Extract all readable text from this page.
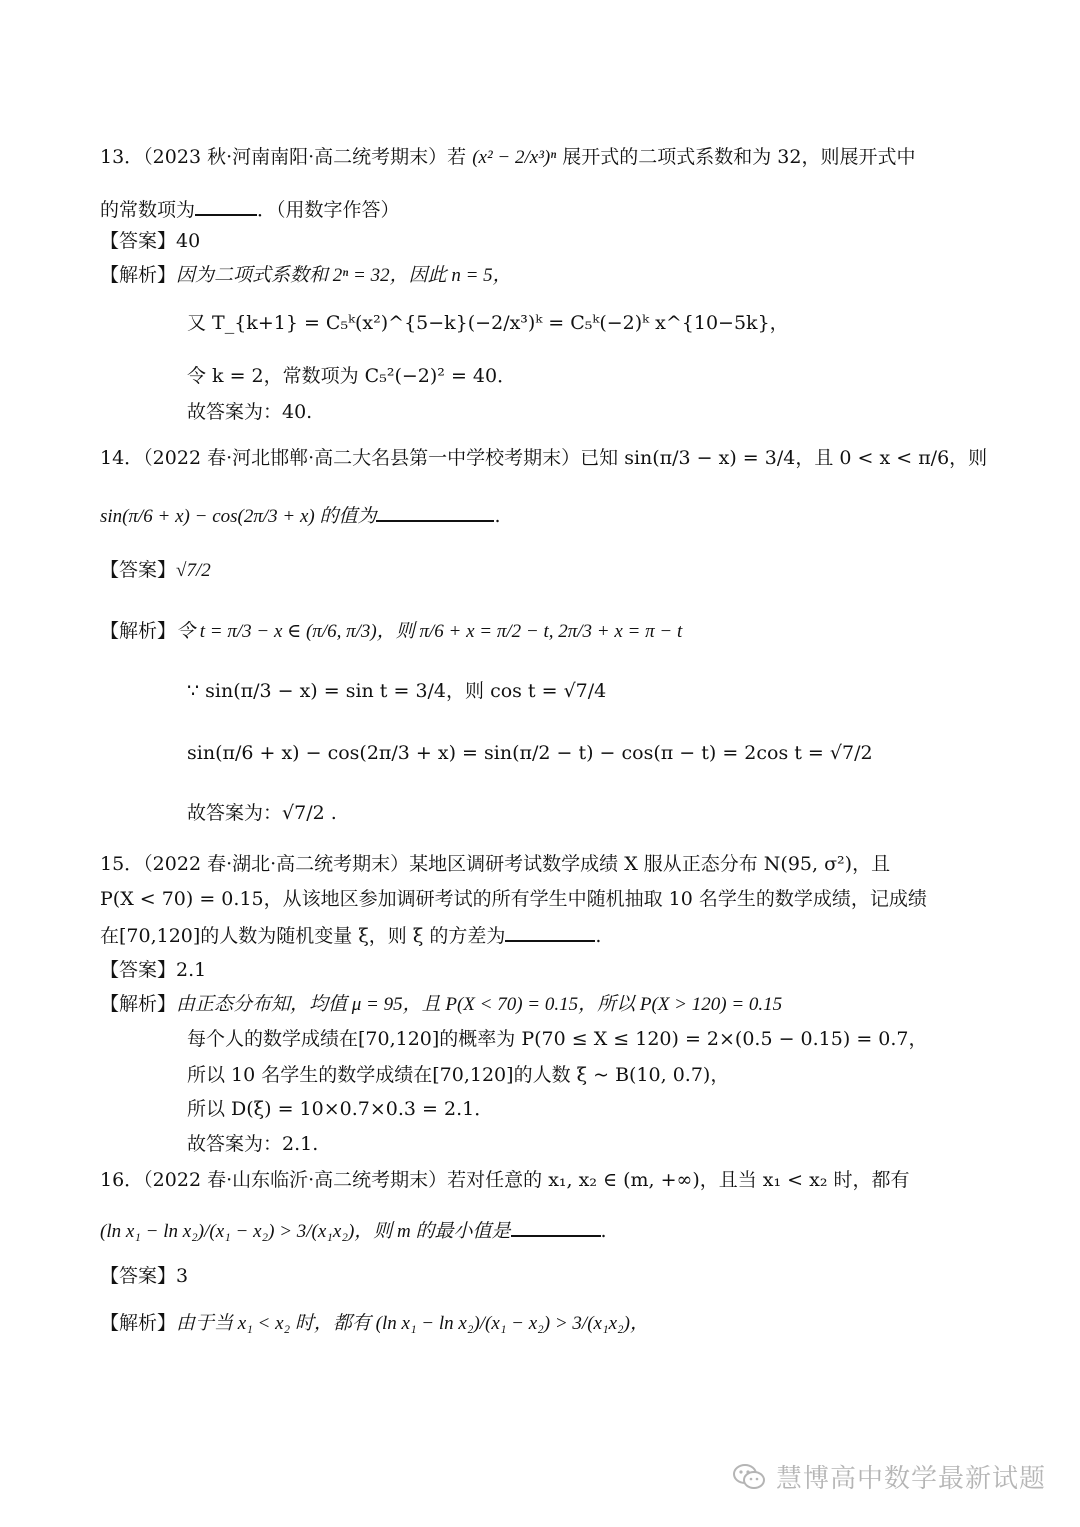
13．（2023 秋·河南南阳·高二统考期末）若 (x² − 2/x³)ⁿ 展开式的二项式系数和为 32，则展开式中
的常数项为	．（用数字作答）
【答案】40
【解析】因为二项式系数和 2ⁿ = 32，因此 n = 5，
又 T_{k+1} = C₅ᵏ(x²)^{5−k}(−2/x³)ᵏ = C₅ᵏ(−2)ᵏ x^{10−5k}，
令 k = 2，常数项为 C₅²(−2)² = 40．
故答案为：40.
14．（2022 春·河北邯郸·高二大名县第一中学校考期末）已知 sin(π/3 − x) = 3/4，且 0 < x < π/6，则
sin(π/6 + x) − cos(2π/3 + x) 的值为	.
【答案】√7/2
【解析】令 t = π/3 − x ∈ (π/6, π/3)，则 π/6 + x = π/2 − t, 2π/3 + x = π − t
∵ sin(π/3 − x) = sin t = 3/4，则 cos t = √7/4
sin(π/6 + x) − cos(2π/3 + x) = sin(π/2 − t) − cos(π − t) = 2cos t = √7/2
故答案为：√7/2 .
15．（2022 春·湖北·高二统考期末）某地区调研考试数学成绩 X 服从正态分布 N(95, σ²)，且
P(X < 70) = 0.15，从该地区参加调研考试的所有学生中随机抽取 10 名学生的数学成绩，记成绩
在[70,120]的人数为随机变量 ξ，则 ξ 的方差为	.
【答案】2.1
【解析】由正态分布知，均值 μ = 95，且 P(X < 70) = 0.15，所以 P(X > 120) = 0.15
每个人的数学成绩在[70,120]的概率为 P(70 ≤ X ≤ 120) = 2×(0.5 − 0.15) = 0.7，
所以 10 名学生的数学成绩在[70,120]的人数 ξ ~ B(10, 0.7)，
所以 D(ξ) = 10×0.7×0.3 = 2.1．
故答案为：2.1.
16．（2022 春·山东临沂·高二统考期末）若对任意的 x₁, x₂ ∈ (m, +∞)，且当 x₁ < x₂ 时，都有
(ln x₁ − ln x₂)/(x₁ − x₂) > 3/(x₁x₂)，则 m 的最小值是	.
【答案】3
【解析】由于当 x₁ < x₂ 时，都有 (ln x₁ − ln x₂)/(x₁ − x₂) > 3/(x₁x₂)，
慧博高中数学最新试题
